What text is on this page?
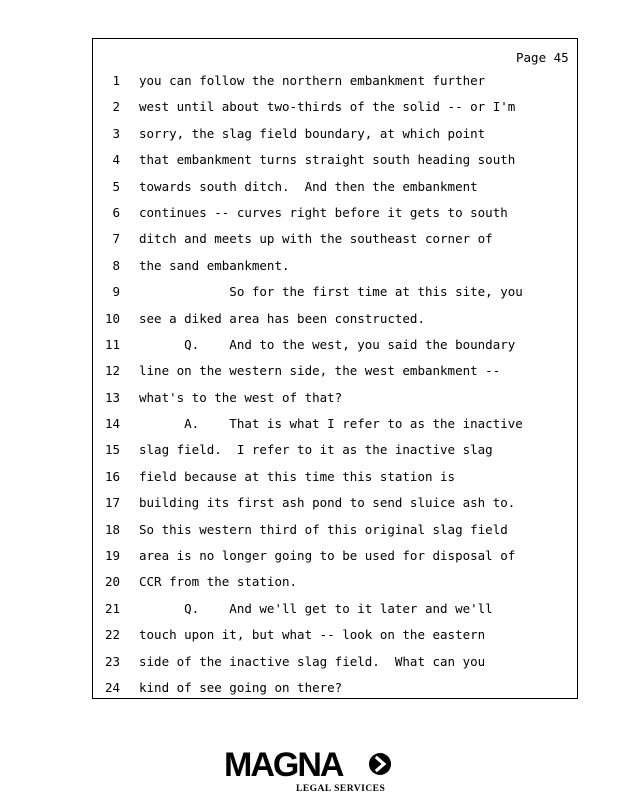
Page 45
1 you can follow the northern embankment further
2 west until about two-thirds of the solid -- or I'm
3 sorry, the slag field boundary, at which point
4 that embankment turns straight south heading south
5 towards south ditch.  And then the embankment
6 continues -- curves right before it gets to south
7 ditch and meets up with the southeast corner of
8 the sand embankment.
9 So for the first time at this site, you
10 see a diked area has been constructed.
11 Q.    And to the west, you said the boundary
12 line on the western side, the west embankment --
13 what's to the west of that?
14 A.    That is what I refer to as the inactive
15 slag field.  I refer to it as the inactive slag
16 field because at this time this station is
17 building its first ash pond to send sluice ash to.
18 So this western third of this original slag field
19 area is no longer going to be used for disposal of
20 CCR from the station.
21 Q.    And we'll get to it later and we'll
22 touch upon it, but what -- look on the eastern
23 side of the inactive slag field.  What can you
24 kind of see going on there?
MAGNA
LEGAL SERVICES
